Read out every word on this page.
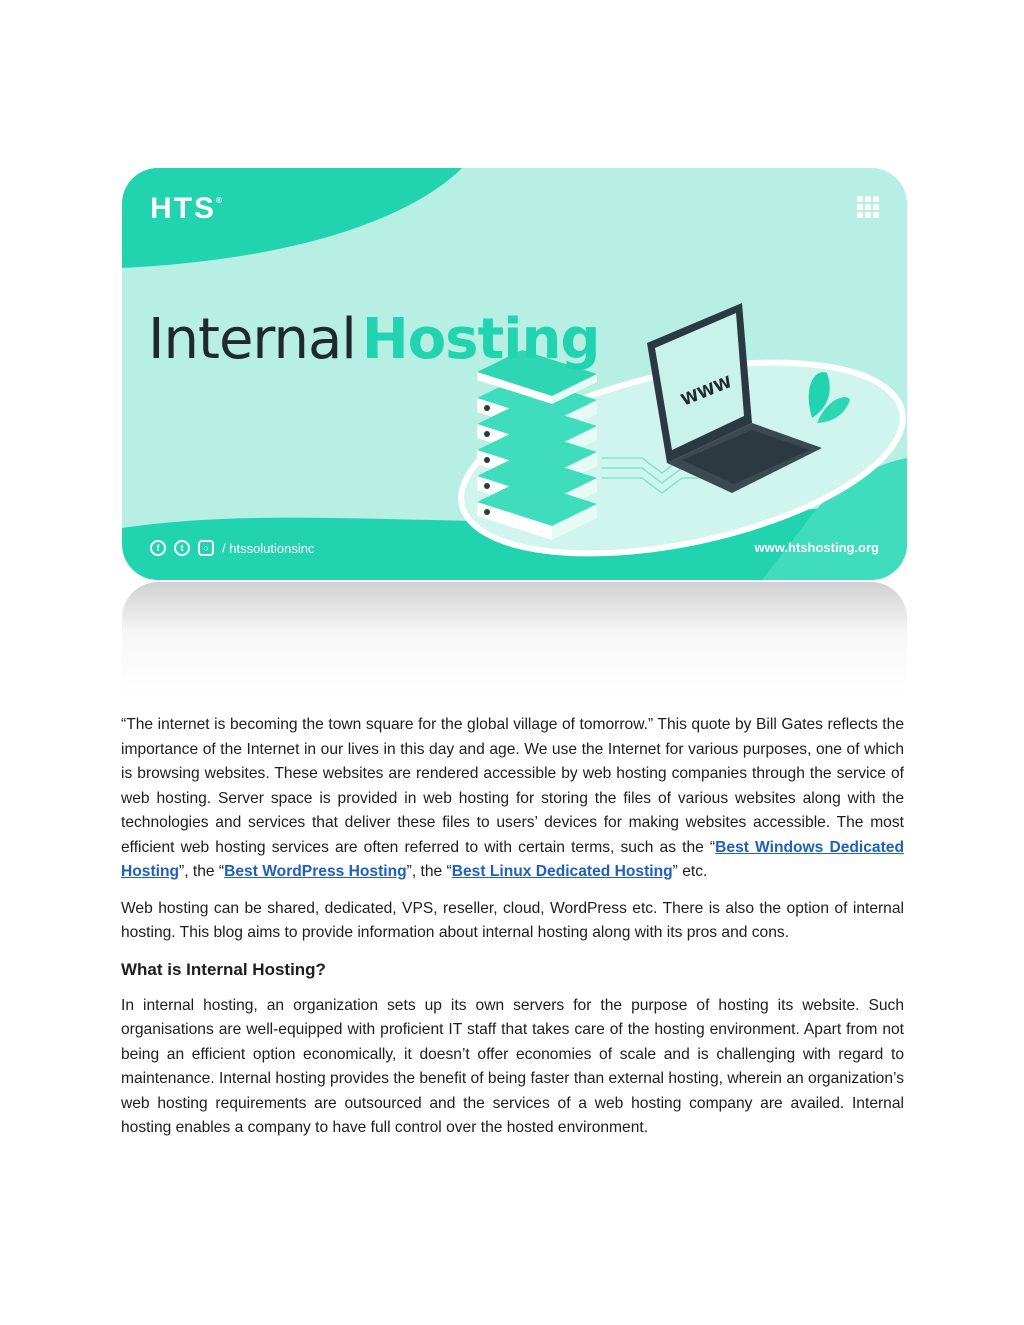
WWW
HTS®
Internal Hosting
f	t	○	/ htssolutionsinc	www.htshosting.org

“The internet is becoming the town square for the global village of tomorrow.” This quote by Bill Gates reflects the importance of the Internet in our lives in this day and age. We use the Internet for various purposes, one of which is browsing websites. These websites are rendered accessible by web hosting companies through the service of web hosting. Server space is provided in web hosting for storing the files of various websites along with the technologies and services that deliver these files to users’ devices for making websites accessible. The most efficient web hosting services are often referred to with certain terms, such as the “Best Windows Dedicated Hosting”, the “Best WordPress Hosting”, the “Best Linux Dedicated Hosting” etc.

Web hosting can be shared, dedicated, VPS, reseller, cloud, WordPress etc. There is also the option of internal hosting. This blog aims to provide information about internal hosting along with its pros and cons.

What is Internal Hosting?

In internal hosting, an organization sets up its own servers for the purpose of hosting its website. Such organisations are well-equipped with proficient IT staff that takes care of the hosting environment. Apart from not being an efficient option economically, it doesn’t offer economies of scale and is challenging with regard to maintenance. Internal hosting provides the benefit of being faster than external hosting, wherein an organization’s web hosting requirements are outsourced and the services of a web hosting company are availed. Internal hosting enables a company to have full control over the hosted environment.
